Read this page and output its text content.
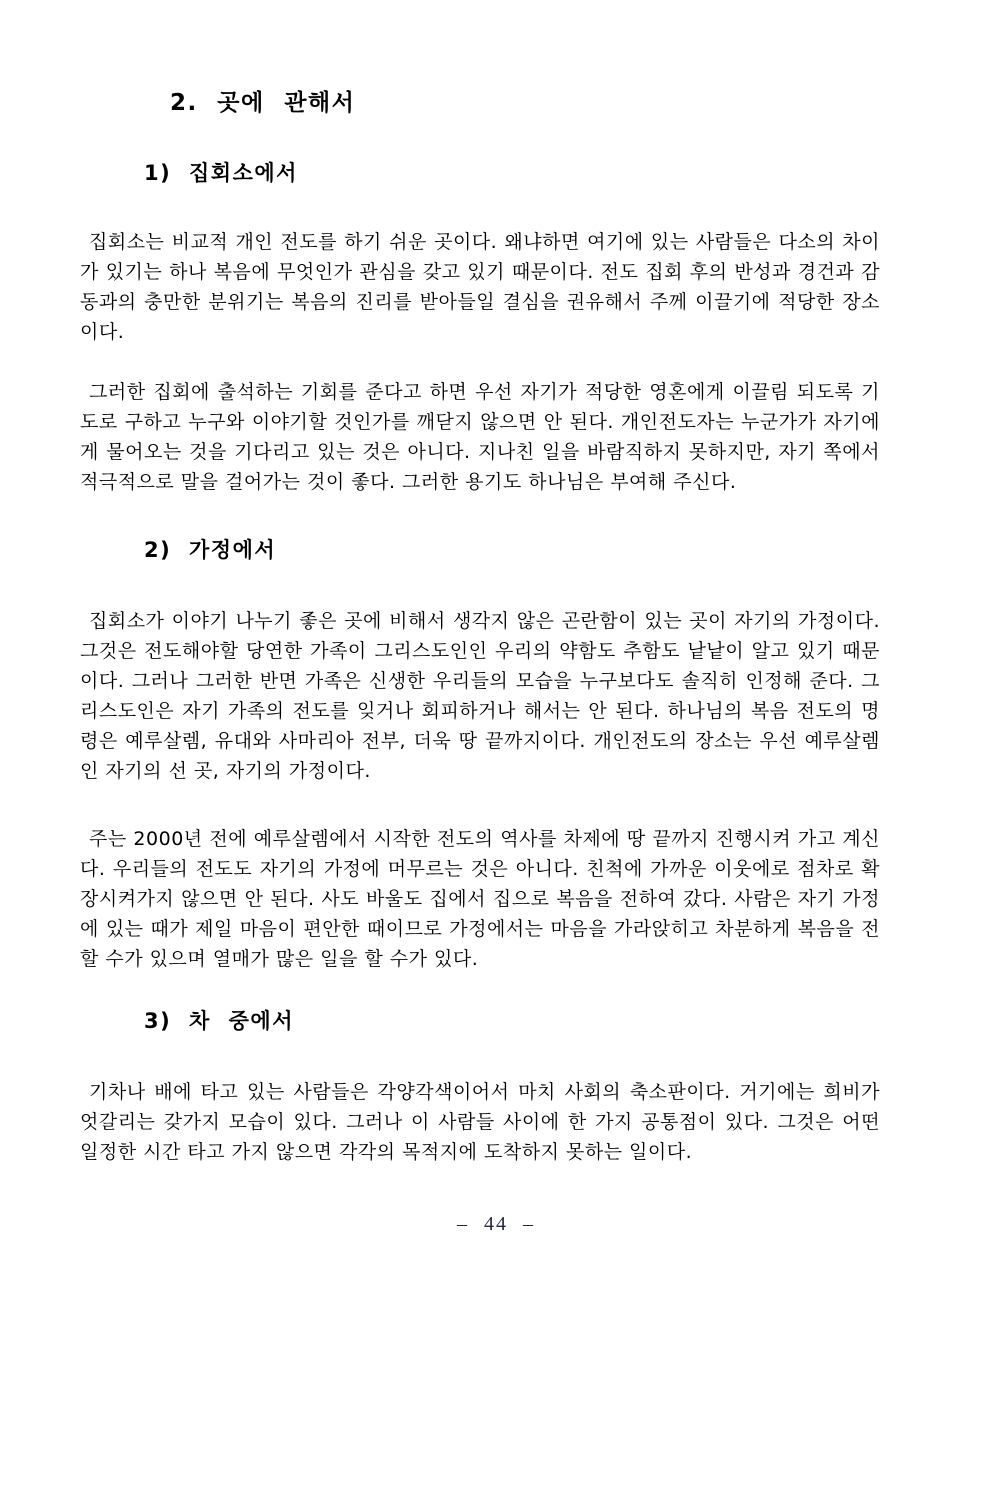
2. 곳에 관해서
1) 집회소에서

집회소는 비교적 개인 전도를 하기 쉬운 곳이다. 왜냐하면 여기에 있는 사람들은 다소의 차이가 있기는 하나 복음에 무엇인가 관심을 갖고 있기 때문이다. 전도 집회 후의 반성과 경건과 감동과의 충만한 분위기는 복음의 진리를 받아들일 결심을 권유해서 주께 이끌기에 적당한 장소이다.

그러한 집회에 출석하는 기회를 준다고 하면 우선 자기가 적당한 영혼에게 이끌림 되도록 기도로 구하고 누구와 이야기할 것인가를 깨닫지 않으면 안 된다. 개인전도자는 누군가가 자기에게 물어오는 것을 기다리고 있는 것은 아니다. 지나친 일을 바람직하지 못하지만, 자기 쪽에서 적극적으로 말을 걸어가는 것이 좋다. 그러한 용기도 하나님은 부여해 주신다.

2) 가정에서

집회소가 이야기 나누기 좋은 곳에 비해서 생각지 않은 곤란함이 있는 곳이 자기의 가정이다. 그것은 전도해야할 당연한 가족이 그리스도인인 우리의 약함도 추함도 낱낱이 알고 있기 때문이다. 그러나 그러한 반면 가족은 신생한 우리들의 모습을 누구보다도 솔직히 인정해 준다. 그리스도인은 자기 가족의 전도를 잊거나 회피하거나 해서는 안 된다. 하나님의 복음 전도의 명령은 예루살렘, 유대와 사마리아 전부, 더욱 땅 끝까지이다. 개인전도의 장소는 우선 예루살렘인 자기의 선 곳, 자기의 가정이다.

주는 2000년 전에 예루살렘에서 시작한 전도의 역사를 차제에 땅 끝까지 진행시켜 가고 계신다. 우리들의 전도도 자기의 가정에 머무르는 것은 아니다. 친척에 가까운 이웃에로 점차로 확장시켜가지 않으면 안 된다. 사도 바울도 집에서 집으로 복음을 전하여 갔다. 사람은 자기 가정에 있는 때가 제일 마음이 편안한 때이므로 가정에서는 마음을 가라앉히고 차분하게 복음을 전할 수가 있으며 열매가 많은 일을 할 수가 있다.

3) 차 중에서

기차나 배에 타고 있는 사람들은 각양각색이어서 마치 사회의 축소판이다. 거기에는 희비가 엇갈리는 갖가지 모습이 있다. 그러나 이 사람들 사이에 한 가지 공통점이 있다. 그것은 어떤 일정한 시간 타고 가지 않으면 각각의 목적지에 도착하지 못하는 일이다.

– 44 –
